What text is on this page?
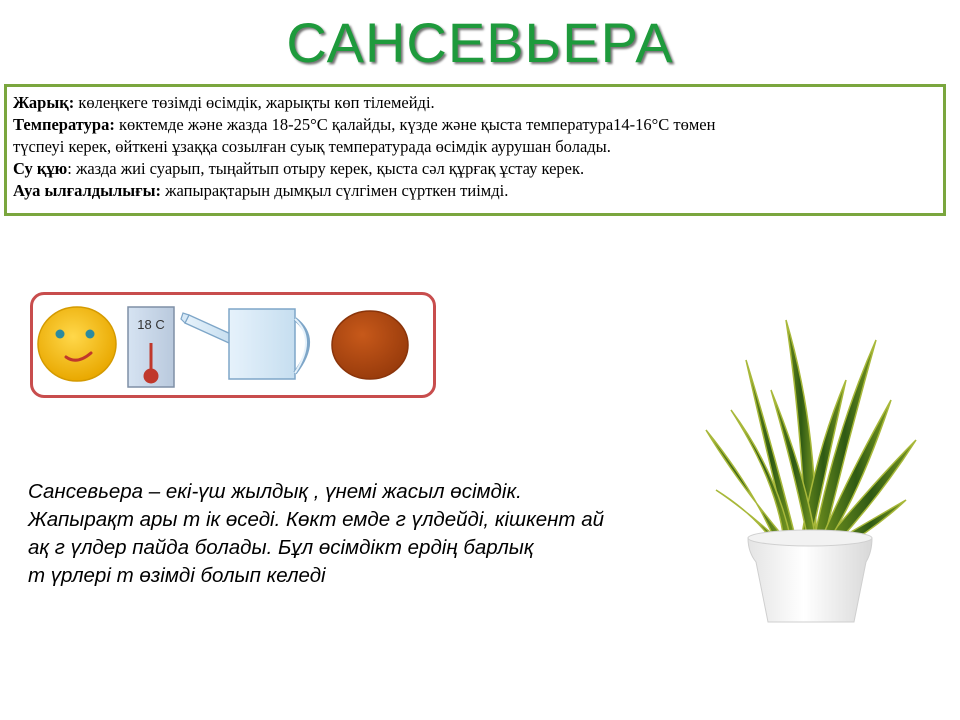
САНСЕВЬЕРА

Жарық: көлеңкеге төзімді өсімдік, жарықты көп тілемейді.

Температура: көктемде және жазда 18-25°С қалайды, күзде және қыста температура14-16°С төмен

түспеуі керек, өйткені ұзаққа созылған суық температурада өсімдік аурушан болады.

Су құю: жазда жиі суарып, тыңайтып отыру керек, қыста сәл құрғақ ұстау керек.

Ауа ылғалдылығы: жапырақтарын дымқыл сүлгімен сүрткен тиімді.

18 С

Сансевьера – екі-үш жылдық , үнемі жасыл өсімдік.

Жапырақт ары т ік өседі. Көкт емде г үлдейді, кішкент ай

ақ г үлдер пайда болады. Бұл өсімдікт ердің барлық

т үрлері т өзімді болып келеді
